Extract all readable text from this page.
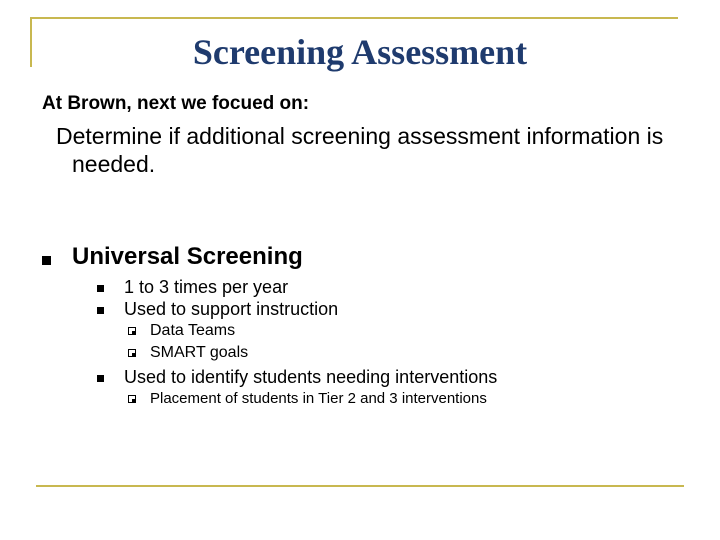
Screening Assessment
At Brown, next we focued on:
Determine if additional screening assessment information is needed.
Universal Screening
1 to 3 times per year
Used to support instruction
Data Teams
SMART goals
Used to identify students needing interventions
Placement of students in Tier 2 and 3 interventions
